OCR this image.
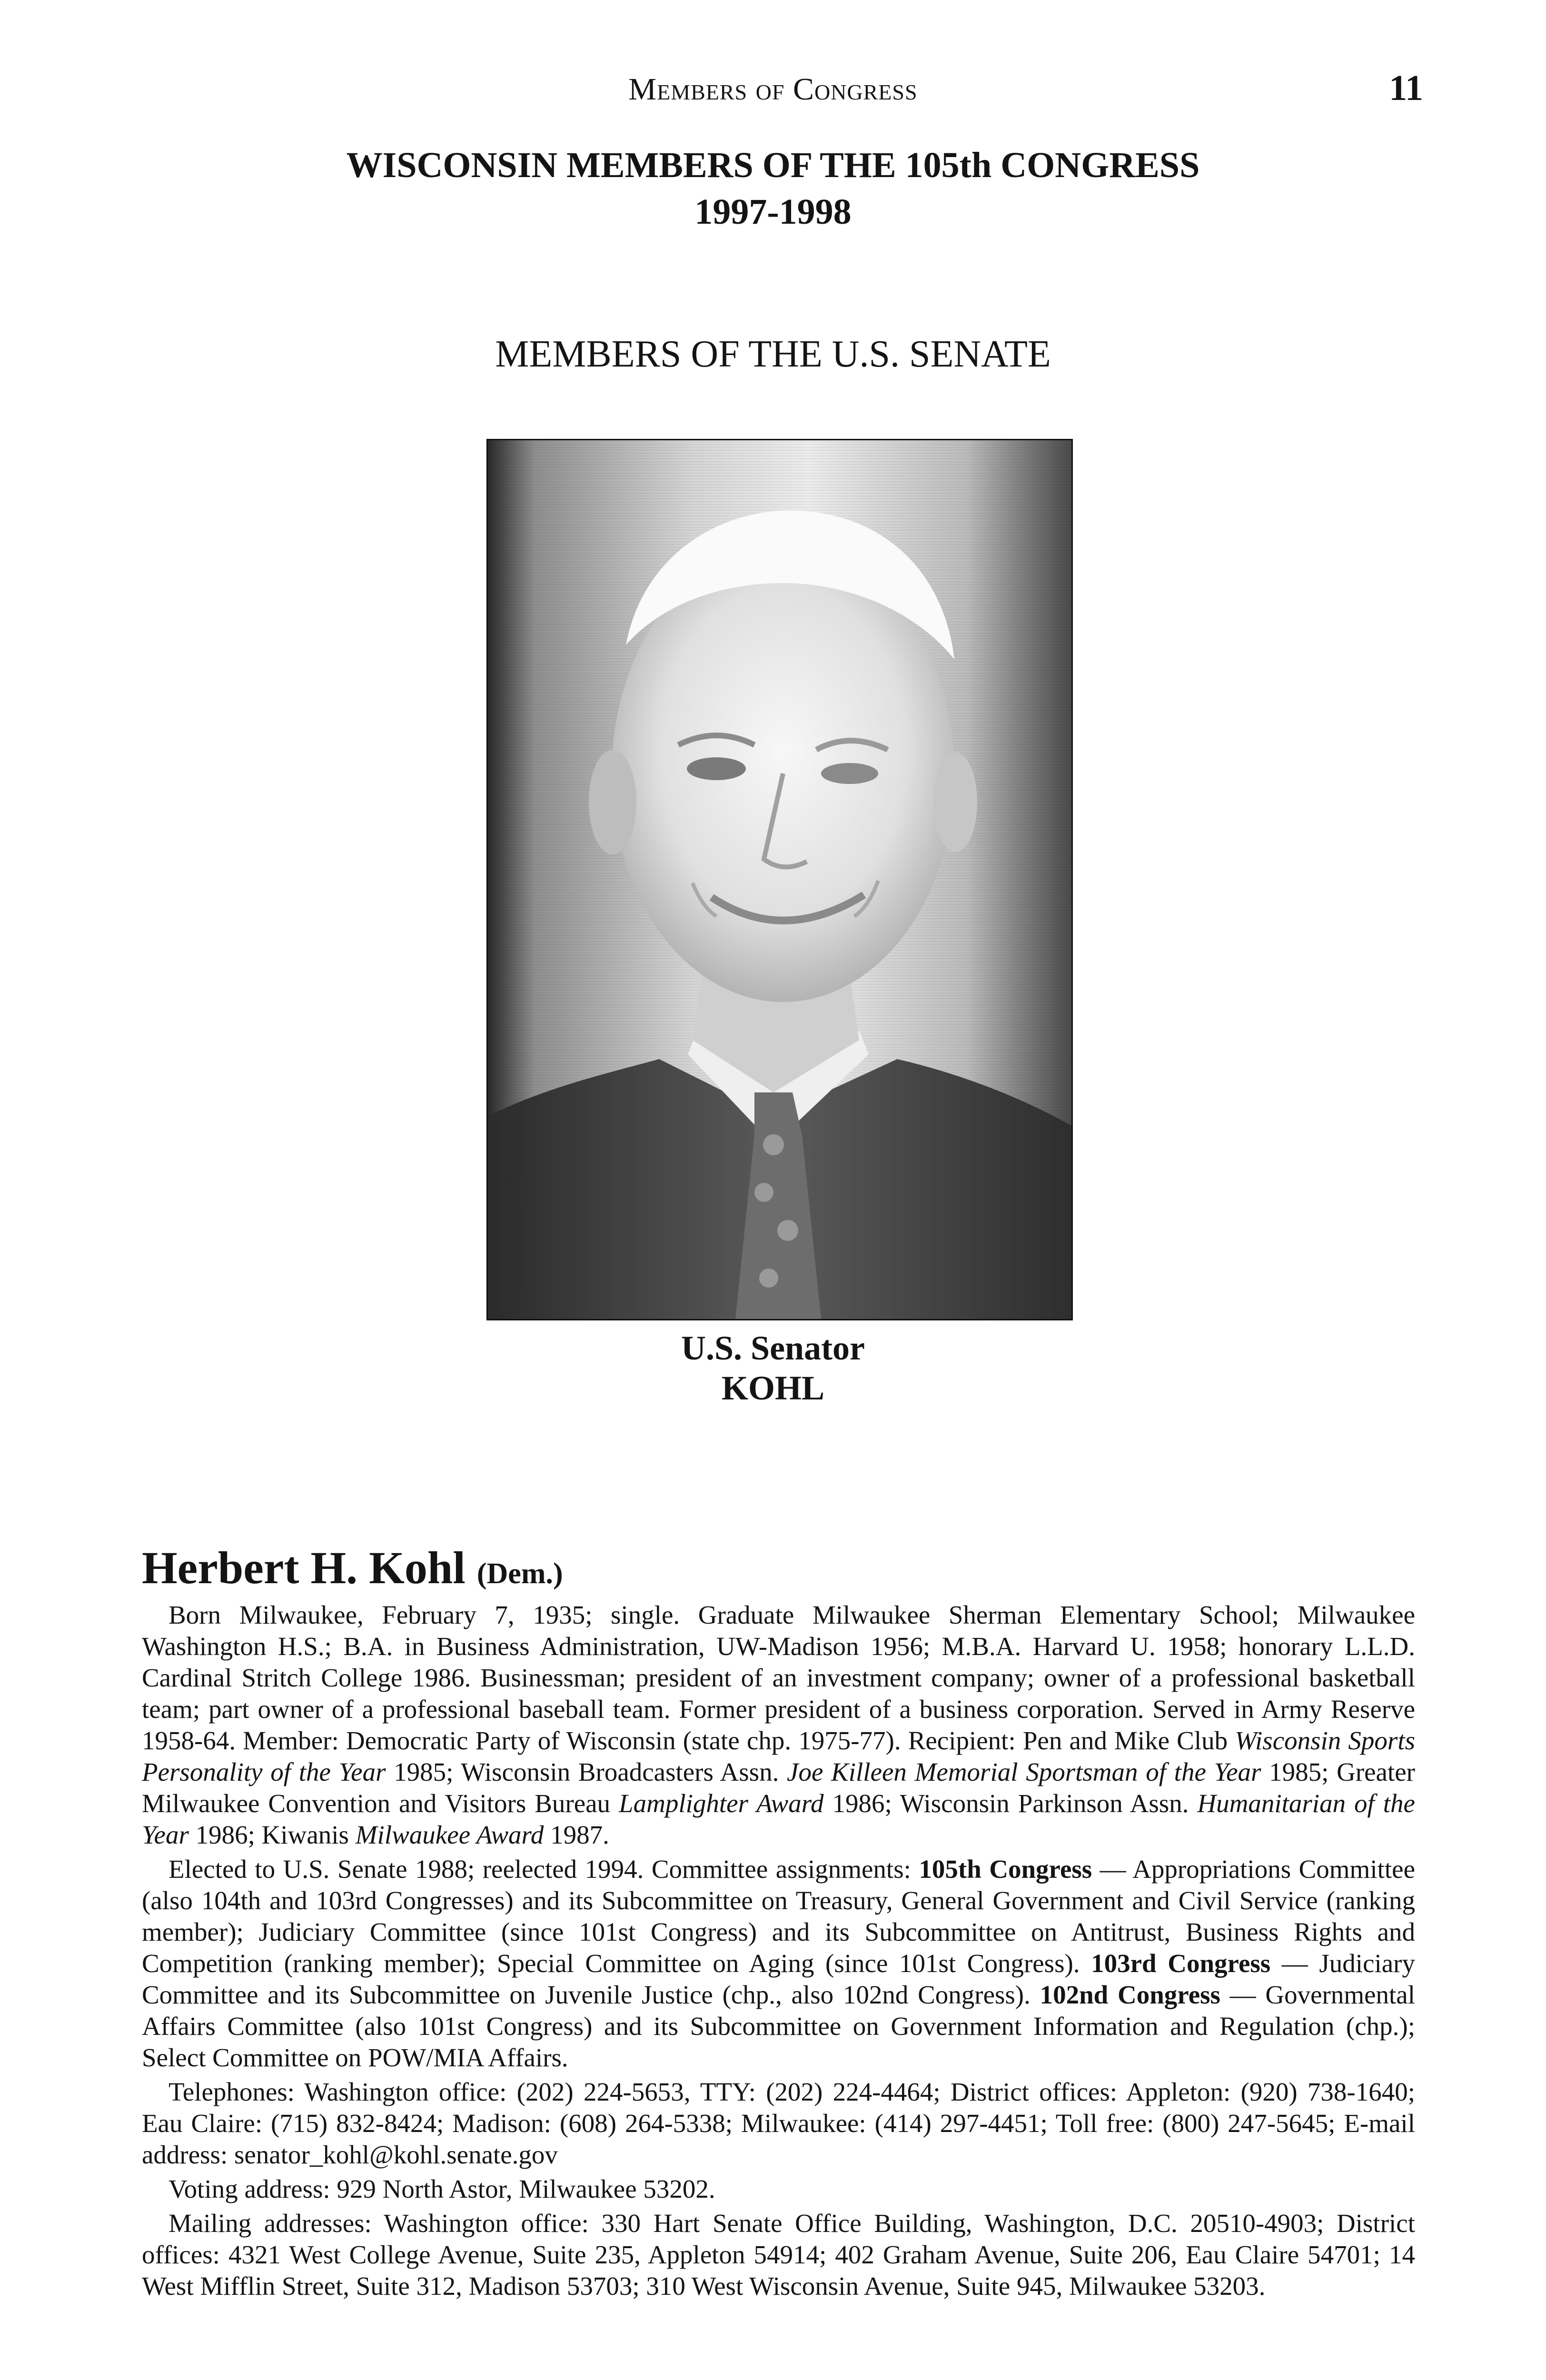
Members of Congress	11
WISCONSIN MEMBERS OF THE 105th CONGRESS
1997-1998
MEMBERS OF THE U.S. SENATE
U.S. Senator
KOHL
Herbert H. Kohl (Dem.)

Born Milwaukee, February 7, 1935; single. Graduate Milwaukee Sherman Elementary School; Milwaukee Washington H.S.; B.A. in Business Administration, UW-Madison 1956; M.B.A. Harvard U. 1958; honorary L.L.D. Cardinal Stritch College 1986. Businessman; president of an investment company; owner of a professional basketball team; part owner of a professional baseball team. Former president of a business corporation. Served in Army Reserve 1958-64. Member: Democratic Party of Wisconsin (state chp. 1975-77). Recipient: Pen and Mike Club Wisconsin Sports Personality of the Year 1985; Wisconsin Broadcasters Assn. Joe Killeen Memorial Sportsman of the Year 1985; Greater Milwaukee Convention and Visitors Bureau Lamplighter Award 1986; Wisconsin Parkinson Assn. Humanitarian of the Year 1986; Kiwanis Milwaukee Award 1987.

Elected to U.S. Senate 1988; reelected 1994. Committee assignments: 105th Congress — Appropriations Committee (also 104th and 103rd Congresses) and its Subcommittee on Treasury, General Government and Civil Service (ranking member); Judiciary Committee (since 101st Congress) and its Subcommittee on Antitrust, Business Rights and Competition (ranking member); Special Committee on Aging (since 101st Congress). 103rd Congress — Judiciary Committee and its Subcommittee on Juvenile Justice (chp., also 102nd Congress). 102nd Congress — Governmental Affairs Committee (also 101st Congress) and its Subcommittee on Government Information and Regulation (chp.); Select Committee on POW/MIA Affairs.

Telephones: Washington office: (202) 224-5653, TTY: (202) 224-4464; District offices: Appleton: (920) 738-1640; Eau Claire: (715) 832-8424; Madison: (608) 264-5338; Milwaukee: (414) 297-4451; Toll free: (800) 247-5645; E-mail address: senator_kohl@kohl.senate.gov

Voting address: 929 North Astor, Milwaukee 53202.

Mailing addresses: Washington office: 330 Hart Senate Office Building, Washington, D.C. 20510-4903; District offices: 4321 West College Avenue, Suite 235, Appleton 54914; 402 Graham Avenue, Suite 206, Eau Claire 54701; 14 West Mifflin Street, Suite 312, Madison 53703; 310 West Wisconsin Avenue, Suite 945, Milwaukee 53203.
